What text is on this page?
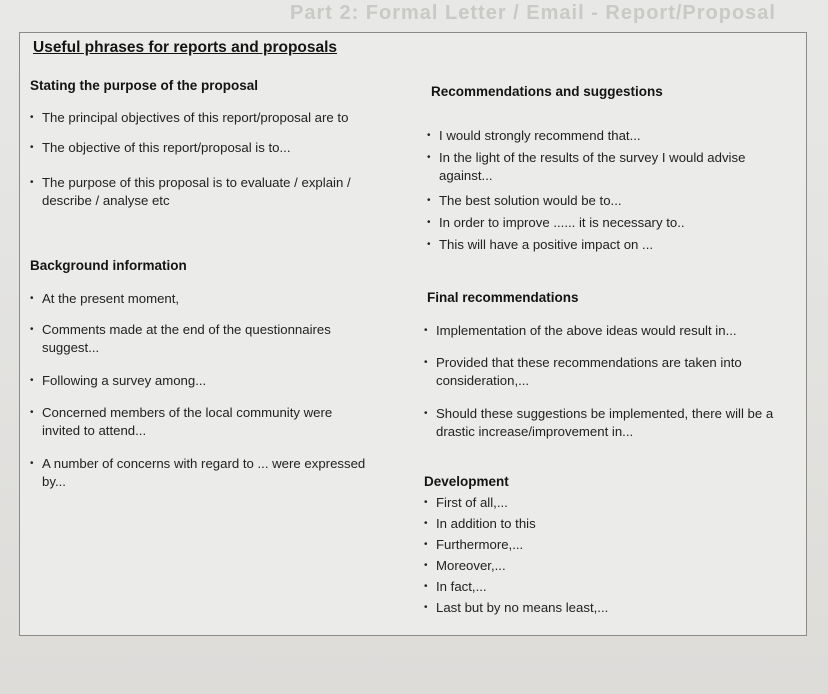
Part 2: Formal Letter / Email - Report/Proposal
Useful phrases for reports and proposals
Stating the purpose of the proposal
• The principal objectives of this report/proposal are to
• The objective of this report/proposal is to...
• The purpose of this proposal is to evaluate / explain / describe / analyse etc
Background information
• At the present moment,
• Comments made at the end of the questionnaires suggest...
• Following a survey among...
• Concerned members of the local community were invited to attend...
• A number of concerns with regard to ... were expressed by...
Recommendations and suggestions
• I would strongly recommend that...
• In the light of the results of the survey I would advise against...
• The best solution would be to...
• In order to improve ...... it is necessary to..
• This will have a positive impact on ...
Final recommendations
• Implementation of the above ideas would result in...
• Provided that these recommendations are taken into consideration,...
• Should these suggestions be implemented, there will be a drastic increase/improvement in...
Development
• First of all,...
• In addition to this
• Furthermore,...
• Moreover,...
• In fact,...
• Last but by no means least,...
